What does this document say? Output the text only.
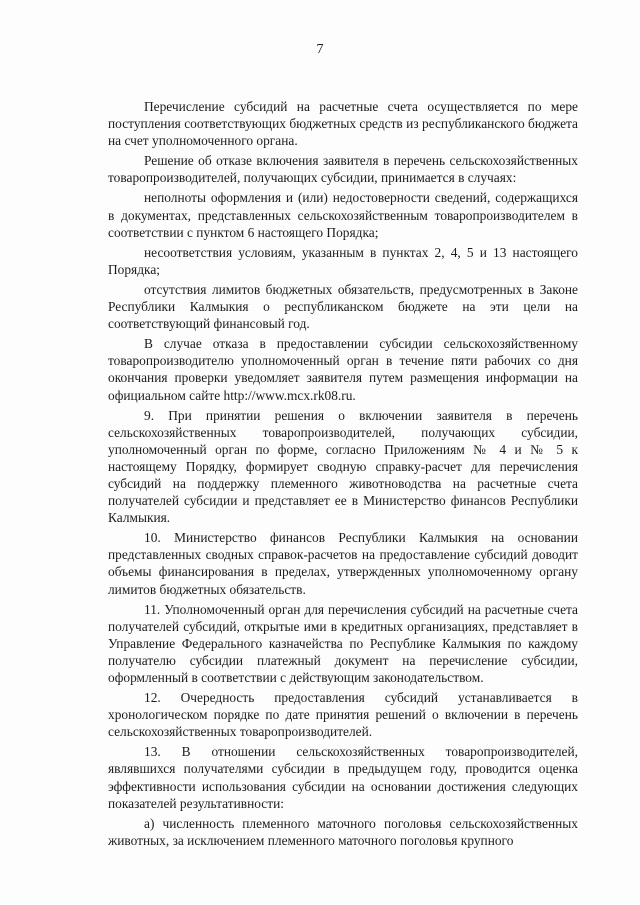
7

Перечисление субсидий на расчетные счета осуществляется по мере поступления соответствующих бюджетных средств из республиканского бюджета на счет уполномоченного органа.

Решение об отказе включения заявителя в перечень сельскохозяйственных товаропроизводителей, получающих субсидии, принимается в случаях:

неполноты оформления и (или) недостоверности сведений, содержащихся в документах, представленных сельскохозяйственным товаропроизводителем в соответствии с пунктом 6 настоящего Порядка;

несоответствия условиям, указанным в пунктах 2, 4, 5 и 13 настоящего Порядка;

отсутствия лимитов бюджетных обязательств, предусмотренных в Законе Республики Калмыкия о республиканском бюджете на эти цели на соответствующий финансовый год.

В случае отказа в предоставлении субсидии сельскохозяйственному товаропроизводителю уполномоченный орган в течение пяти рабочих со дня окончания проверки уведомляет заявителя путем размещения информации на официальном сайте http://www.mcx.rk08.ru.

9. При принятии решения о включении заявителя в перечень сельскохозяйственных товаропроизводителей, получающих субсидии, уполномоченный орган по форме, согласно Приложениям № 4 и № 5 к настоящему Порядку, формирует сводную справку-расчет для перечисления субсидий на поддержку племенного животноводства на расчетные счета получателей субсидии и представляет ее в Министерство финансов Республики Калмыкия.

10. Министерство финансов Республики Калмыкия на основании представленных сводных справок-расчетов на предоставление субсидий доводит объемы финансирования в пределах, утвержденных уполномоченному органу лимитов бюджетных обязательств.

11. Уполномоченный орган для перечисления субсидий на расчетные счета получателей субсидий, открытые ими в кредитных организациях, представляет в Управление Федерального казначейства по Республике Калмыкия по каждому получателю субсидии платежный документ на перечисление субсидии, оформленный в соответствии с действующим законодательством.

12. Очередность предоставления субсидий устанавливается в хронологическом порядке по дате принятия решений о включении в перечень сельскохозяйственных товаропроизводителей.

13. В отношении сельскохозяйственных товаропроизводителей, являвшихся получателями субсидии в предыдущем году, проводится оценка эффективности использования субсидии на основании достижения следующих показателей результативности:

а) численность племенного маточного поголовья сельскохозяйственных животных, за исключением племенного маточного поголовья крупного
